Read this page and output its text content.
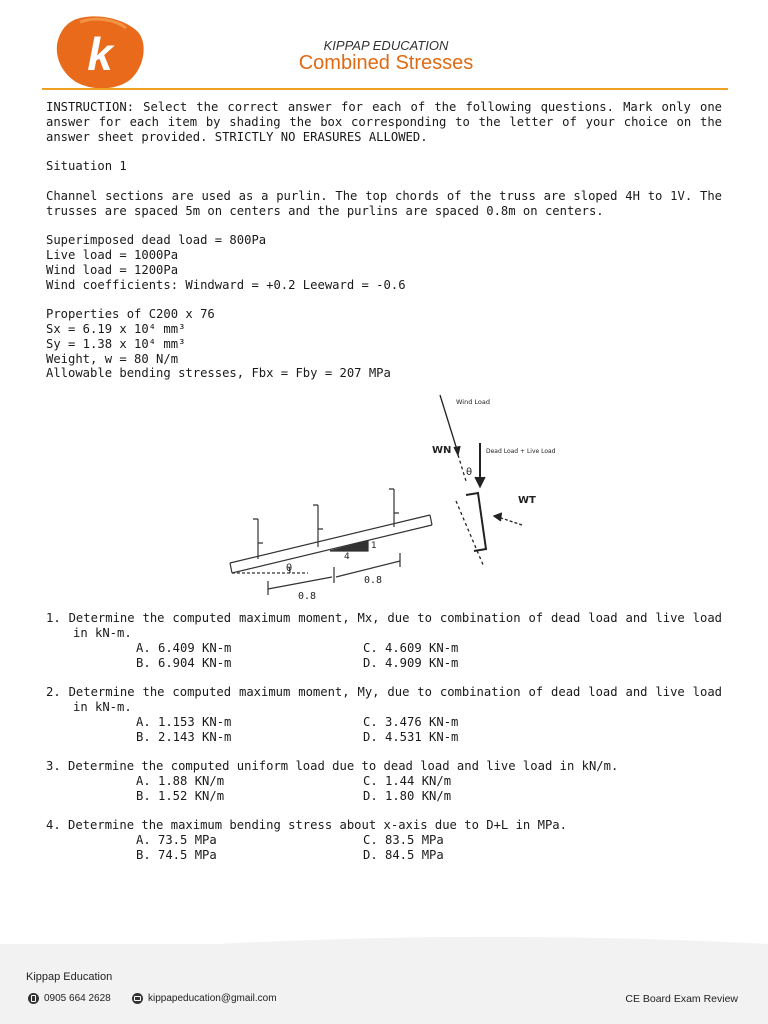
k	KIPPAP EDUCATION
Combined Stresses

INSTRUCTION: Select the correct answer for each of the following questions. Mark only one answer for each item by shading the box corresponding to the letter of your choice on the answer sheet provided. STRICTLY NO ERASURES ALLOWED.

Situation 1

Channel sections are used as a purlin. The top chords of the truss are sloped 4H to 1V. The trusses are spaced 5m on centers and the purlins are spaced 0.8m on centers.

Superimposed dead load = 800Pa

Live load = 1000Pa

Wind load = 1200Pa

Wind coefficients: Windward = +0.2 Leeward = -0.6

Properties of C200 x 76

Sx = 6.19 x 10⁴ mm³

Sy = 1.38 x 10⁴ mm³

Weight, w = 80 N/m

Allowable bending stresses, Fbx = Fby = 207 MPa

θ
1
4
0.8
0.8
Wind Load
WN
θ
Dead Load + Live Load
WT

1. Determine the computed maximum moment, Mx, due to combination of dead load and live load in kN-m.

A. 6.409 KN-m	C. 4.609 KN-m
B. 6.904 KN-m	D. 4.909 KN-m

2. Determine the computed maximum moment, My, due to combination of dead load and live load in kN-m.

A. 1.153 KN-m	C. 3.476 KN-m
B. 2.143 KN-m	D. 4.531 KN-m

3. Determine the computed uniform load due to dead load and live load in kN/m.

A. 1.88 KN/m	C. 1.44 KN/m
B. 1.52 KN/m	D. 1.80 KN/m

4. Determine the maximum bending stress about x-axis due to D+L in MPa.

A. 73.5 MPa	C. 83.5 MPa
B. 74.5 MPa	D. 84.5 MPa
Kippap Education
0905 664 2628	kippapeducation@gmail.com	CE Board Exam Review
